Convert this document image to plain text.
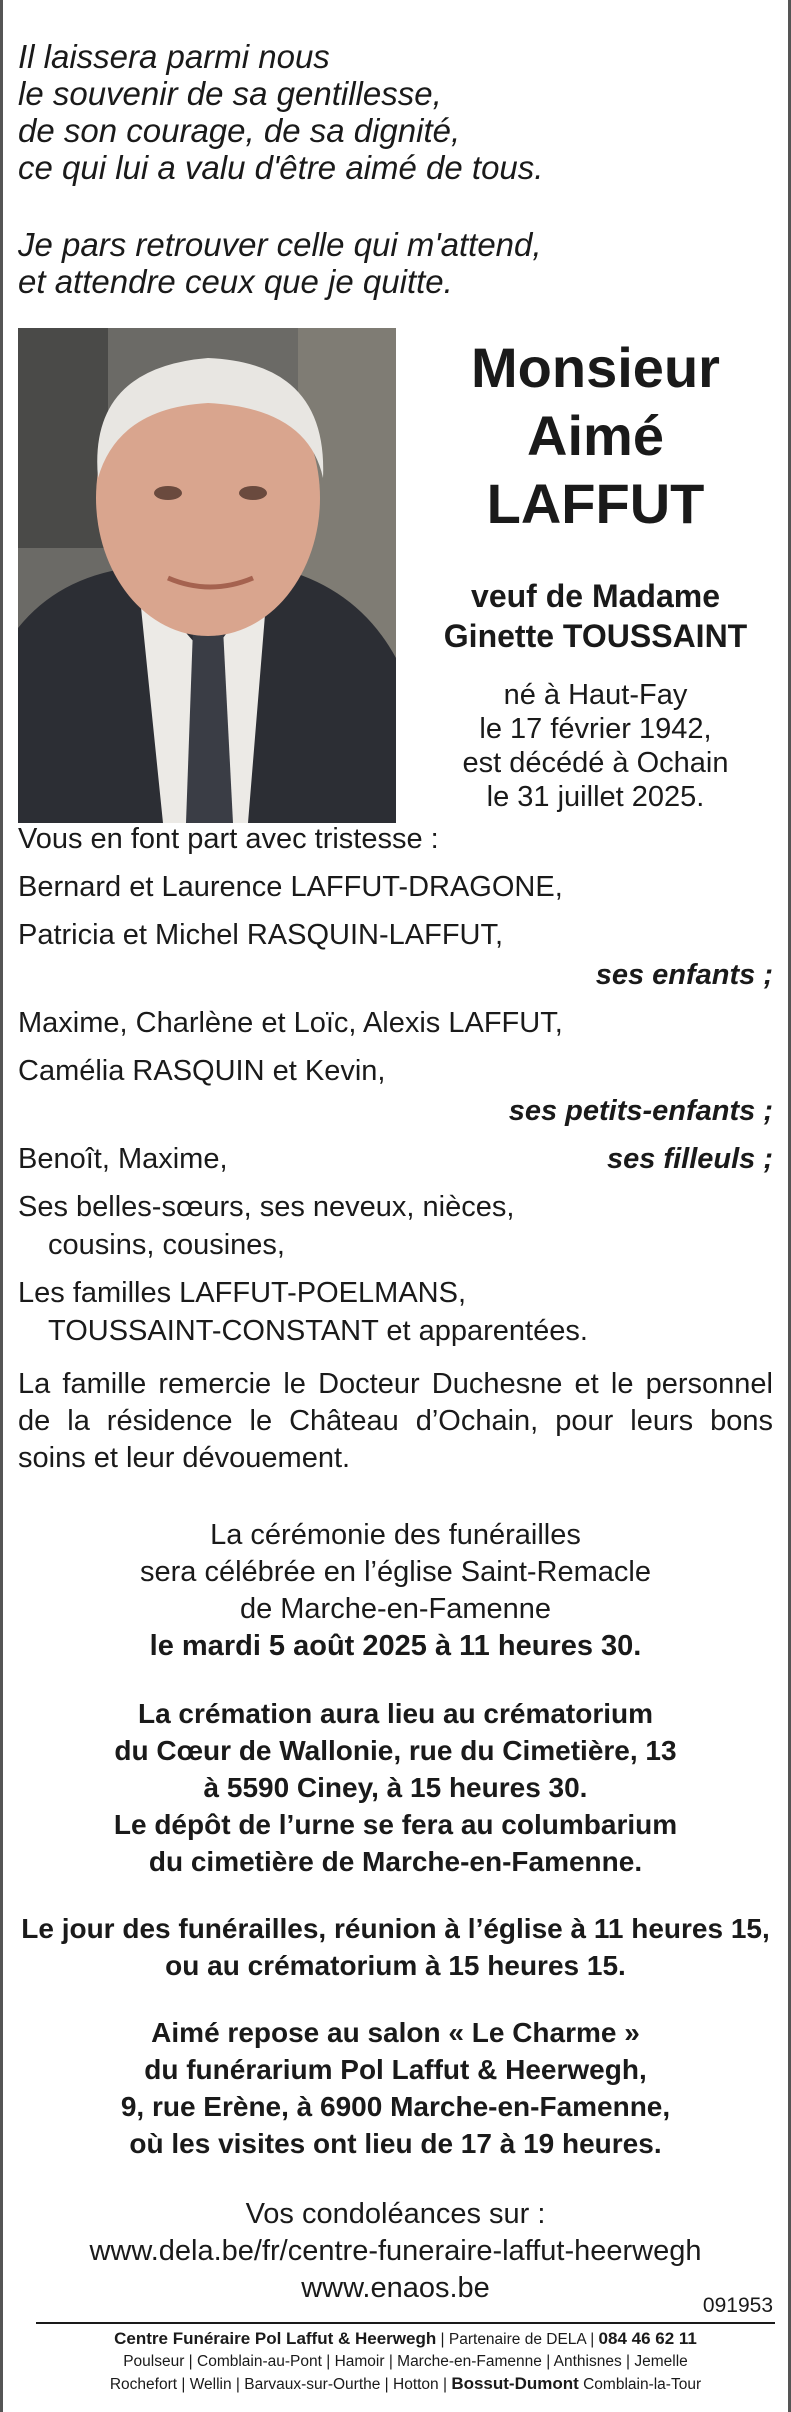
Il laissera parmi nous

le souvenir de sa gentillesse,

de son courage, de sa dignité,

ce qui lui a valu d'être aimé de tous.

Je pars retrouver celle qui m'attend,

et attendre ceux que je quitte.

Monsieur
Aimé
LAFFUT
veuf de Madame
Ginette TOUSSAINT
né à Haut-Fay
le 17 février 1942,
est décédé à Ochain
le 31 juillet 2025.

Vous en font part avec tristesse :

Bernard et Laurence LAFFUT-DRAGONE,

Patricia et Michel RASQUIN-LAFFUT,

ses enfants ;

Maxime, Charlène et Loïc, Alexis LAFFUT,

Camélia RASQUIN et Kevin,

ses petits-enfants ;

Benoît, Maxime,	ses filleuls ;

Ses belles-sœurs, ses neveux, nièces,

cousins, cousines,

Les familles LAFFUT-POELMANS,

TOUSSAINT-CONSTANT et apparentées.

La famille remercie le Docteur Duchesne et le personnel de la résidence le Château d’Ochain, pour leurs bons soins et leur dévouement.

La cérémonie des funérailles
sera célébrée en l’église Saint-Remacle
de Marche-en-Famenne
le mardi 5 août 2025 à 11 heures 30.
La crémation aura lieu au crématorium
du Cœur de Wallonie, rue du Cimetière, 13
à 5590 Ciney, à 15 heures 30.
Le dépôt de l’urne se fera au columbarium
du cimetière de Marche-en-Famenne.
Le jour des funérailles, réunion à l’église à 11 heures 15,
ou au crématorium à 15 heures 15.
Aimé repose au salon « Le Charme »
du funérarium Pol Laffut & Heerwegh,
9, rue Erène, à 6900 Marche-en-Famenne,
où les visites ont lieu de 17 à 19 heures.
Vos condoléances sur :
www.dela.be/fr/centre-funeraire-laffut-heerwegh
www.enaos.be
091953
Centre Funéraire Pol Laffut & Heerwegh | Partenaire de DELA | 084 46 62 11
Poulseur | Comblain-au-Pont | Hamoir | Marche-en-Famenne | Anthisnes | Jemelle
Rochefort | Wellin | Barvaux-sur-Ourthe | Hotton | Bossut-Dumont Comblain-la-Tour
